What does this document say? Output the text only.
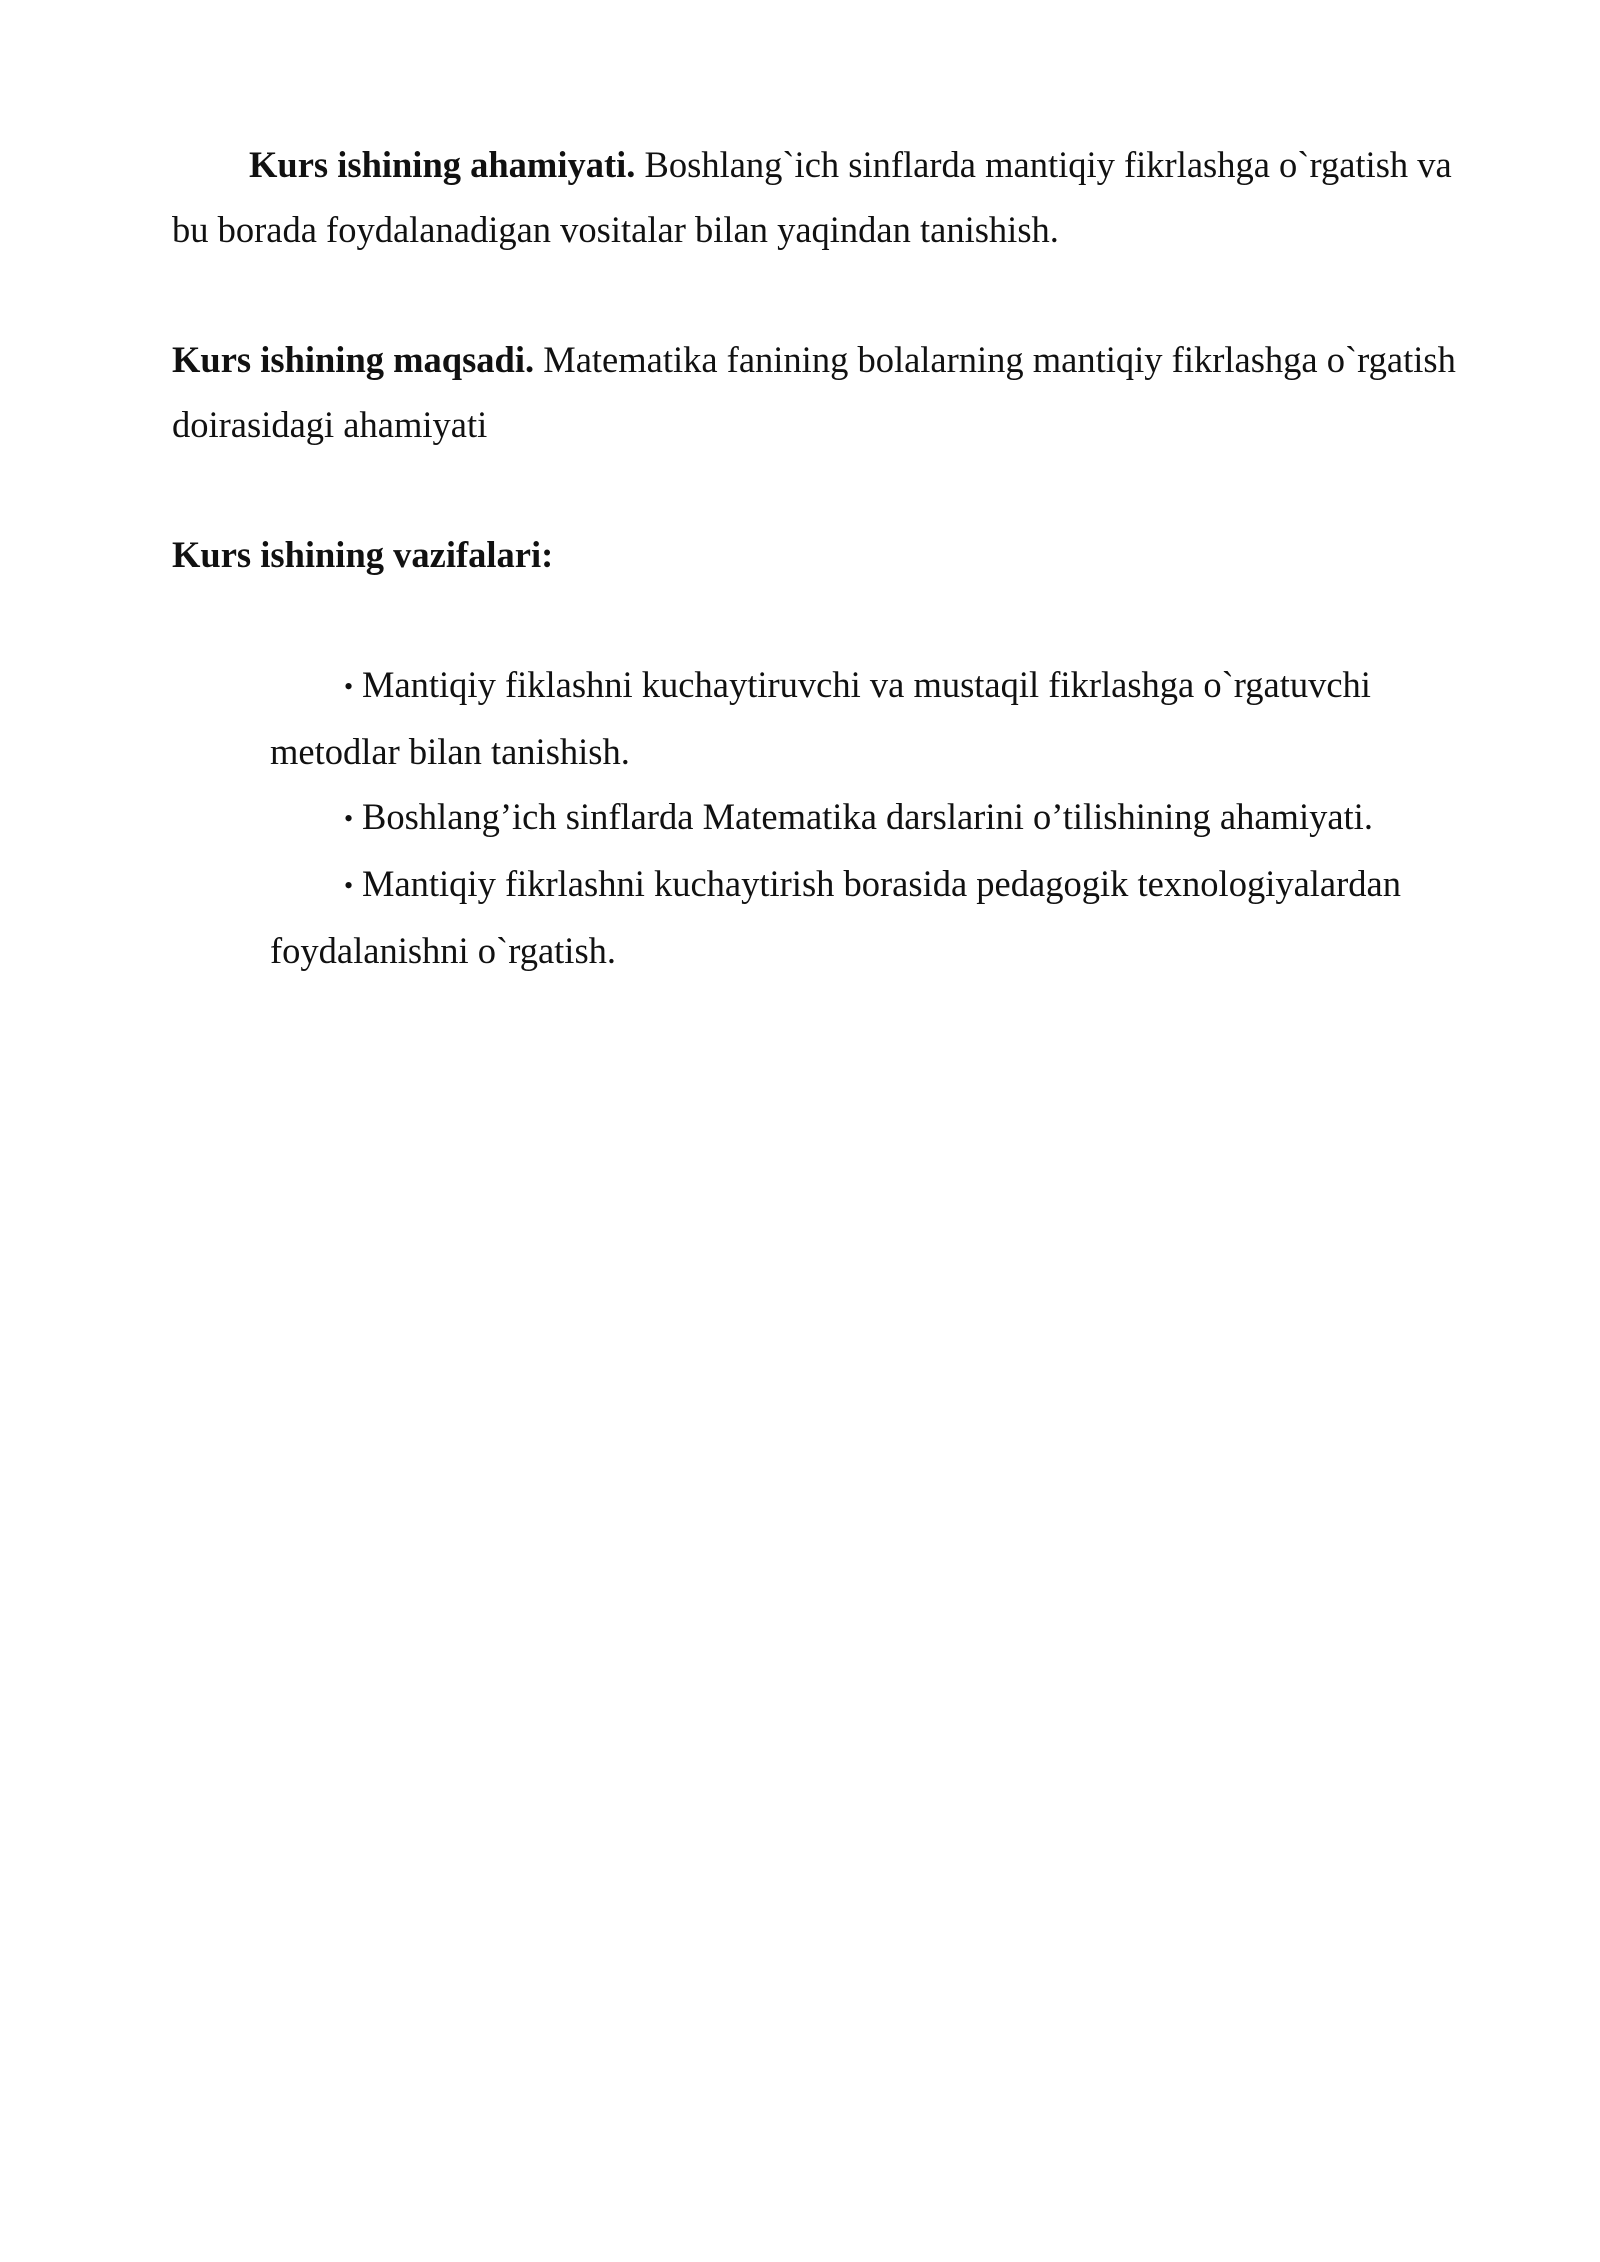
Kurs ishining ahamiyati. Boshlang`ich sinflarda mantiqiy fikrlashga o`rgatish va bu borada foydalanadigan vositalar bilan yaqindan tanishish.

Kurs ishining maqsadi. Matematika fanining bolalarning mantiqiy fikrlashga o`rgatish doirasidagi ahamiyati

Kurs ishining vazifalari:

• Mantiqiy fiklashni kuchaytiruvchi va mustaqil fikrlashga o`rgatuvchi metodlar bilan tanishish.
• Boshlang’ich sinflarda Matematika darslarini o’tilishining ahamiyati.
• Mantiqiy fikrlashni kuchaytirish borasida pedagogik texnologiyalardan foydalanishni o`rgatish.
